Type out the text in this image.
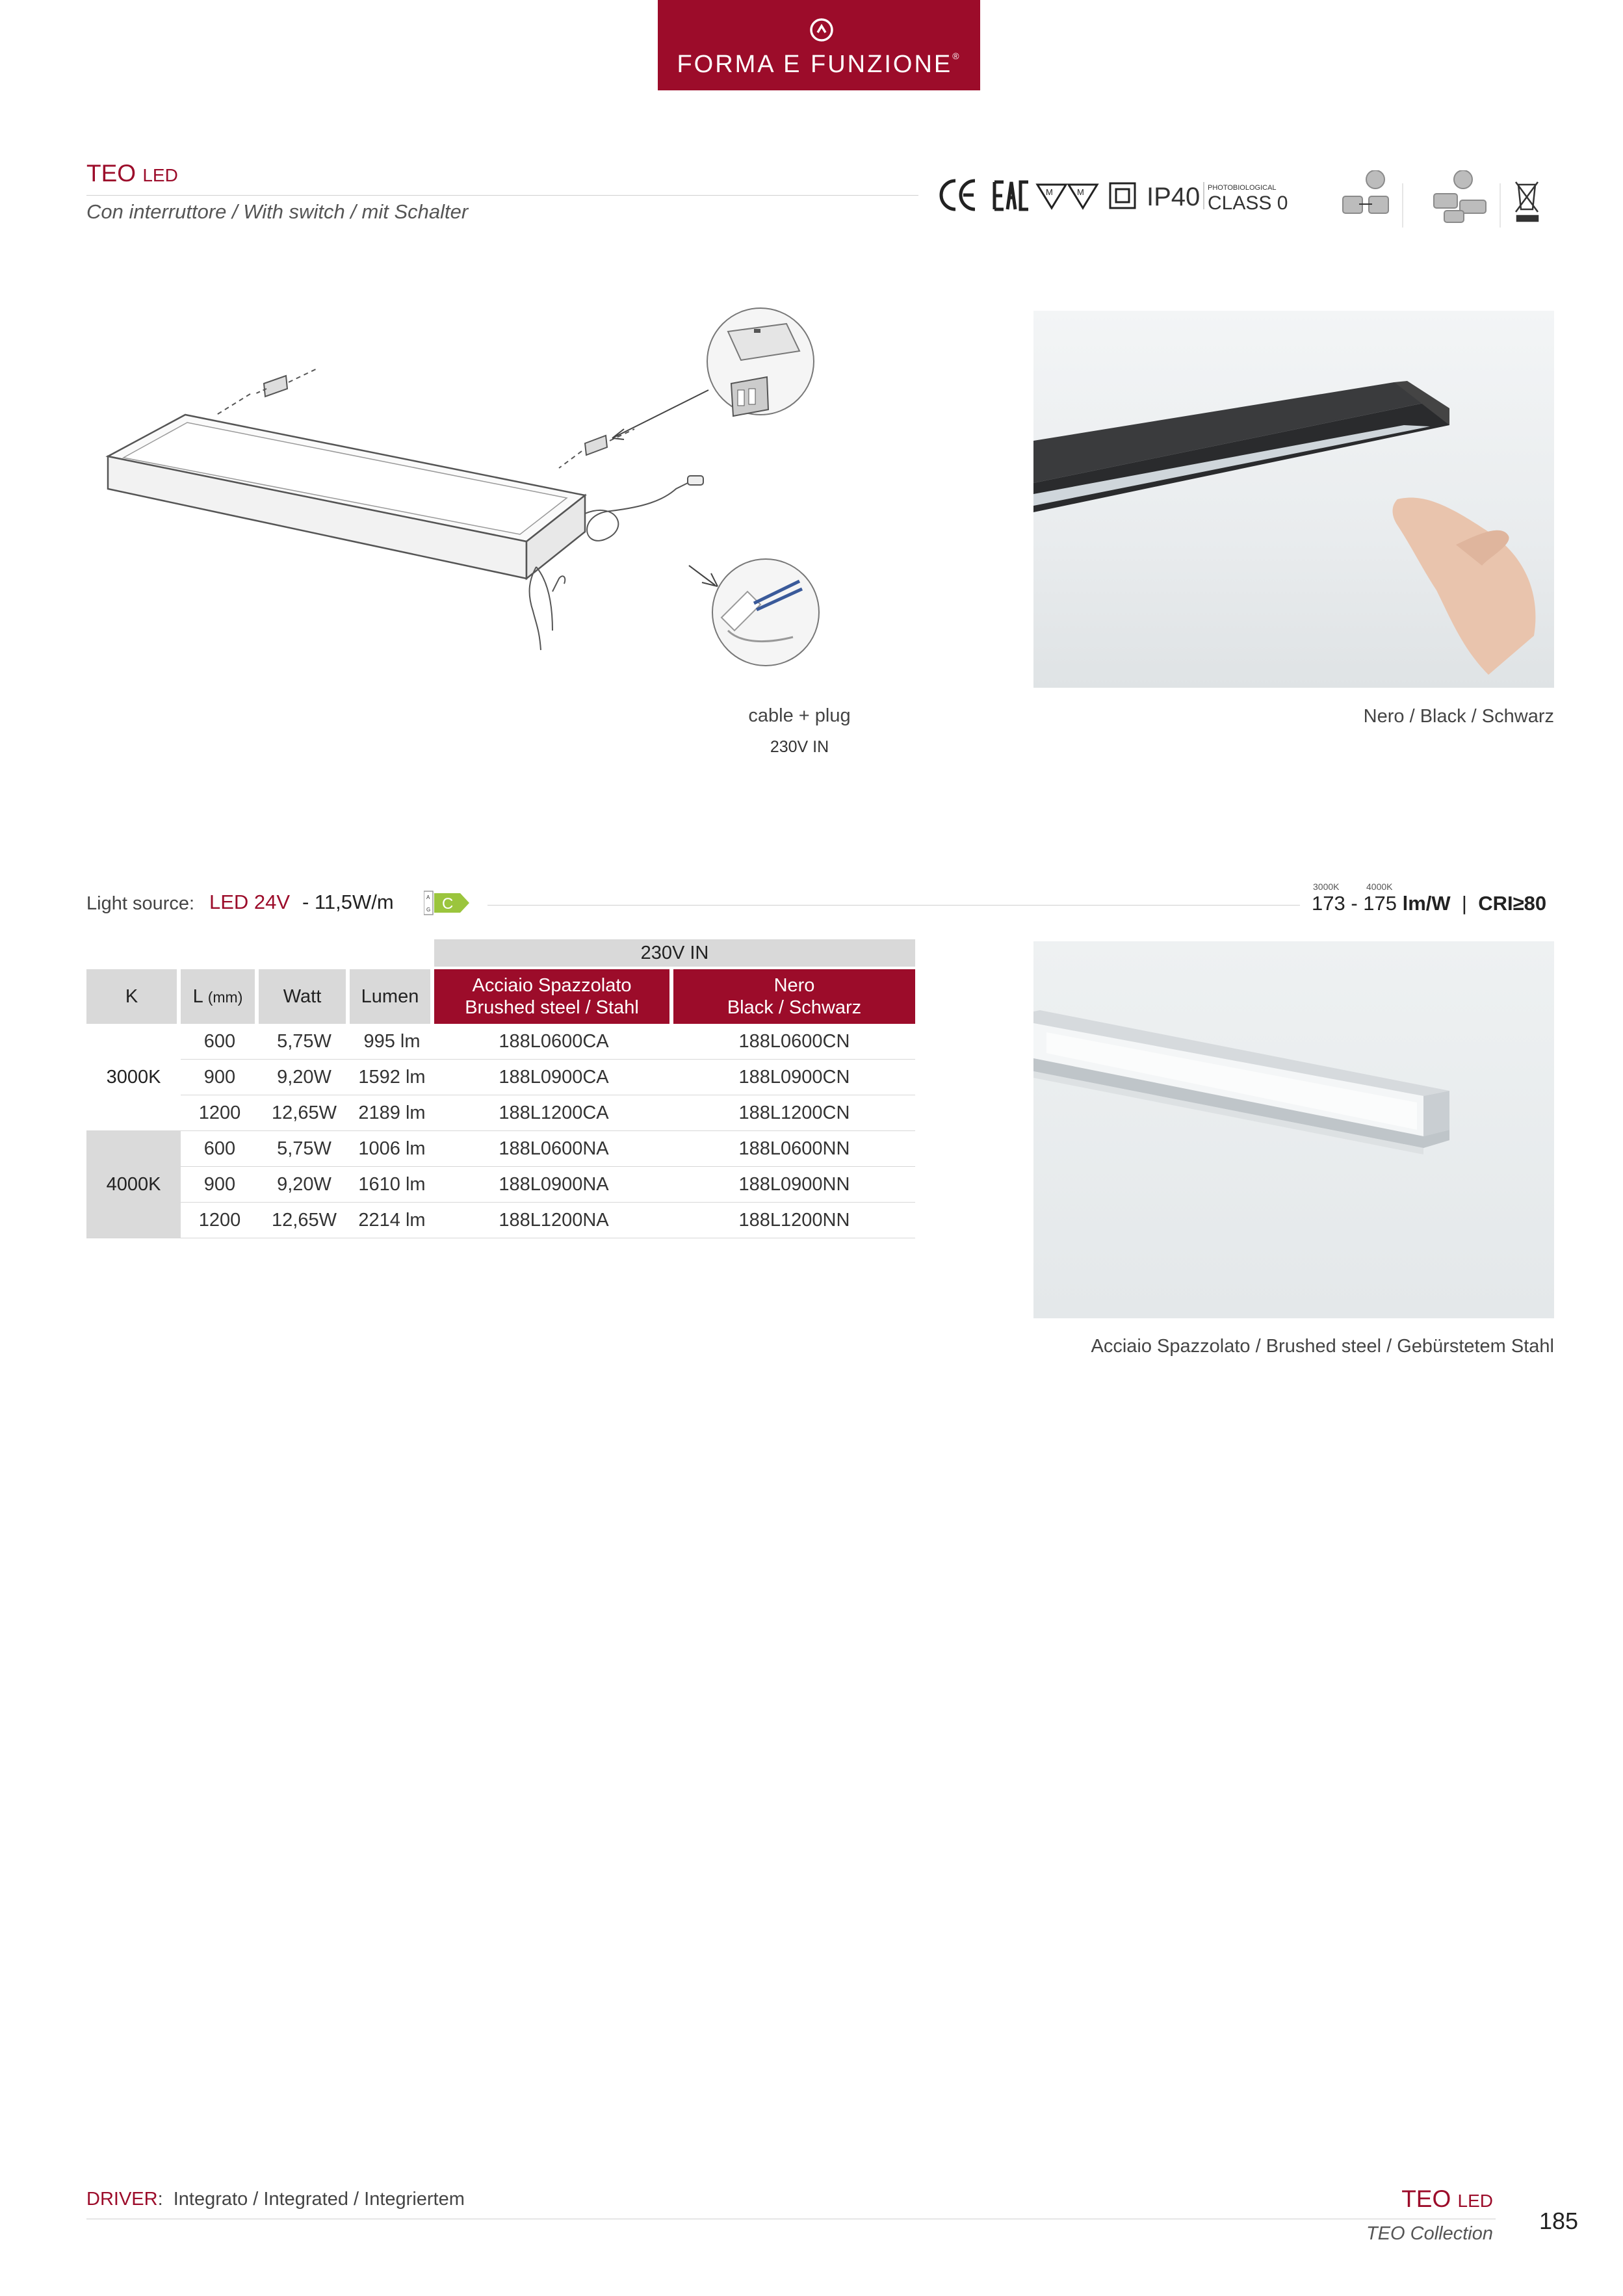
FORMA E FUNZIONE®
TEO LED
Con interruttore / With switch / mit Schalter
M	M IP40 PHOTOBIOLOGICAL
CLASS 0
cable + plug
230V IN
Nero / Black / Schwarz
Light source: LED 24V - 11,5W/m	A
G C
3000K	4000K
173 - 175 lm/W  |  CRI≥80
				230V IN	
K	L (mm)	Watt	Lumen	Acciaio Spazzolato
Brushed steel / Stahl	Nero
Black / Schwarz
3000K	600	5,75W	995 lm	188L0600CA	188L0600CN
	900	9,20W	1592 lm	188L0900CA	188L0900CN
	1200	12,65W	2189 lm	188L1200CA	188L1200CN
4000K	600	5,75W	1006 lm	188L0600NA	188L0600NN
	900	9,20W	1610 lm	188L0900NA	188L0900NN
	1200	12,65W	2214 lm	188L1200NA	188L1200NN
Acciaio Spazzolato / Brushed steel / Gebürstetem Stahl
DRIVER:  Integrato / Integrated / Integriertem	TEO LED
TEO Collection 185
